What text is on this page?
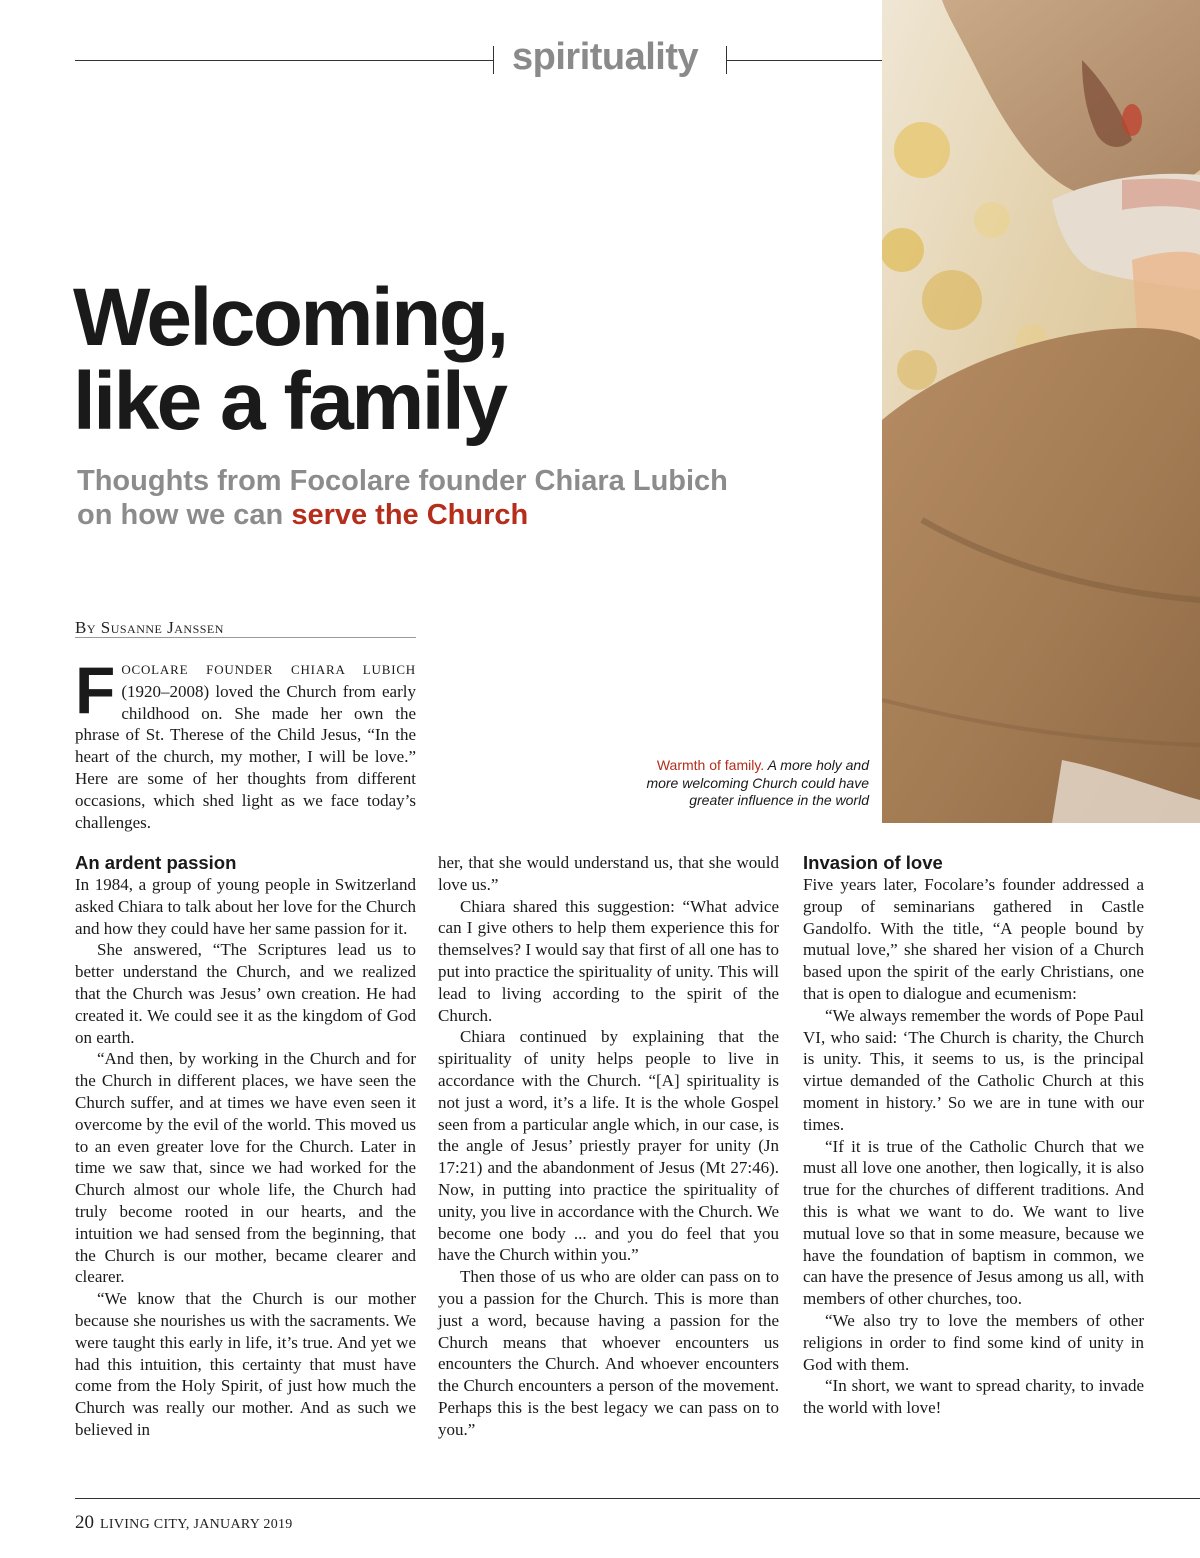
spirituality
Welcoming,
like a family

Thoughts from Focolare founder Chiara Lubich on how we can serve the Church

By Susanne Janssen

FOCOLARE FOUNDER CHIARA LUBICH (1920–2008) loved the Church from early childhood on. She made her own the phrase of St. Therese of the Child Jesus, “In the heart of the church, my mother, I will be love.” Here are some of her thoughts from different occasions, which shed light as we face today’s challenges.

Warmth of family. A more holy and more welcoming Church could have greater influence in the world
An ardent passion

In 1984, a group of young people in Switzerland asked Chiara to talk about her love for the Church and how they could have her same passion for it.

She answered, “The Scriptures lead us to better understand the Church, and we realized that the Church was Jesus’ own creation. He had created it. We could see it as the kingdom of God on earth.

“And then, by working in the Church and for the Church in different places, we have seen the Church suffer, and at times we have even seen it overcome by the evil of the world. This moved us to an even greater love for the Church. Later in time we saw that, since we had worked for the Church almost our whole life, the Church had truly become rooted in our hearts, and the intuition we had sensed from the beginning, that the Church is our mother, became clearer and clearer.

“We know that the Church is our mother because she nourishes us with the sacraments. We were taught this early in life, it’s true. And yet we had this intuition, this certainty that must have come from the Holy Spirit, of just how much the Church was really our mother. And as such we believed in

her, that she would understand us, that she would love us.”

Chiara shared this suggestion: “What advice can I give others to help them experience this for themselves? I would say that first of all one has to put into practice the spirituality of unity. This will lead to living according to the spirit of the Church.

Chiara continued by explaining that the spirituality of unity helps people to live in accordance with the Church. “[A] spirituality is not just a word, it’s a life. It is the whole Gospel seen from a particular angle which, in our case, is the angle of Jesus’ priestly prayer for unity (Jn 17:21) and the abandonment of Jesus (Mt 27:46). Now, in putting into practice the spirituality of unity, you live in accordance with the Church. We become one body ... and you do feel that you have the Church within you.”

Then those of us who are older can pass on to you a passion for the Church. This is more than just a word, because having a passion for the Church means that whoever encounters us encounters the Church. And whoever encounters the Church encounters a person of the movement. Perhaps this is the best legacy we can pass on to you.”

Invasion of love

Five years later, Focolare’s founder addressed a group of seminarians gathered in Castle Gandolfo. With the title, “A people bound by mutual love,” she shared her vision of a Church based upon the spirit of the early Christians, one that is open to dialogue and ecumenism:

“We always remember the words of Pope Paul VI, who said: ‘The Church is charity, the Church is unity. This, it seems to us, is the principal virtue demanded of the Catholic Church at this moment in history.’ So we are in tune with our times.

“If it is true of the Catholic Church that we must all love one another, then logically, it is also true for the churches of different traditions. And this is what we want to do. We want to live mutual love so that in some measure, because we have the foundation of baptism in common, we can have the presence of Jesus among us all, with members of other churches, too.

“We also try to love the members of other religions in order to find some kind of unity in God with them.

“In short, we want to spread charity, to invade the world with love!

20 LIVING CITY, JANUARY 2019
